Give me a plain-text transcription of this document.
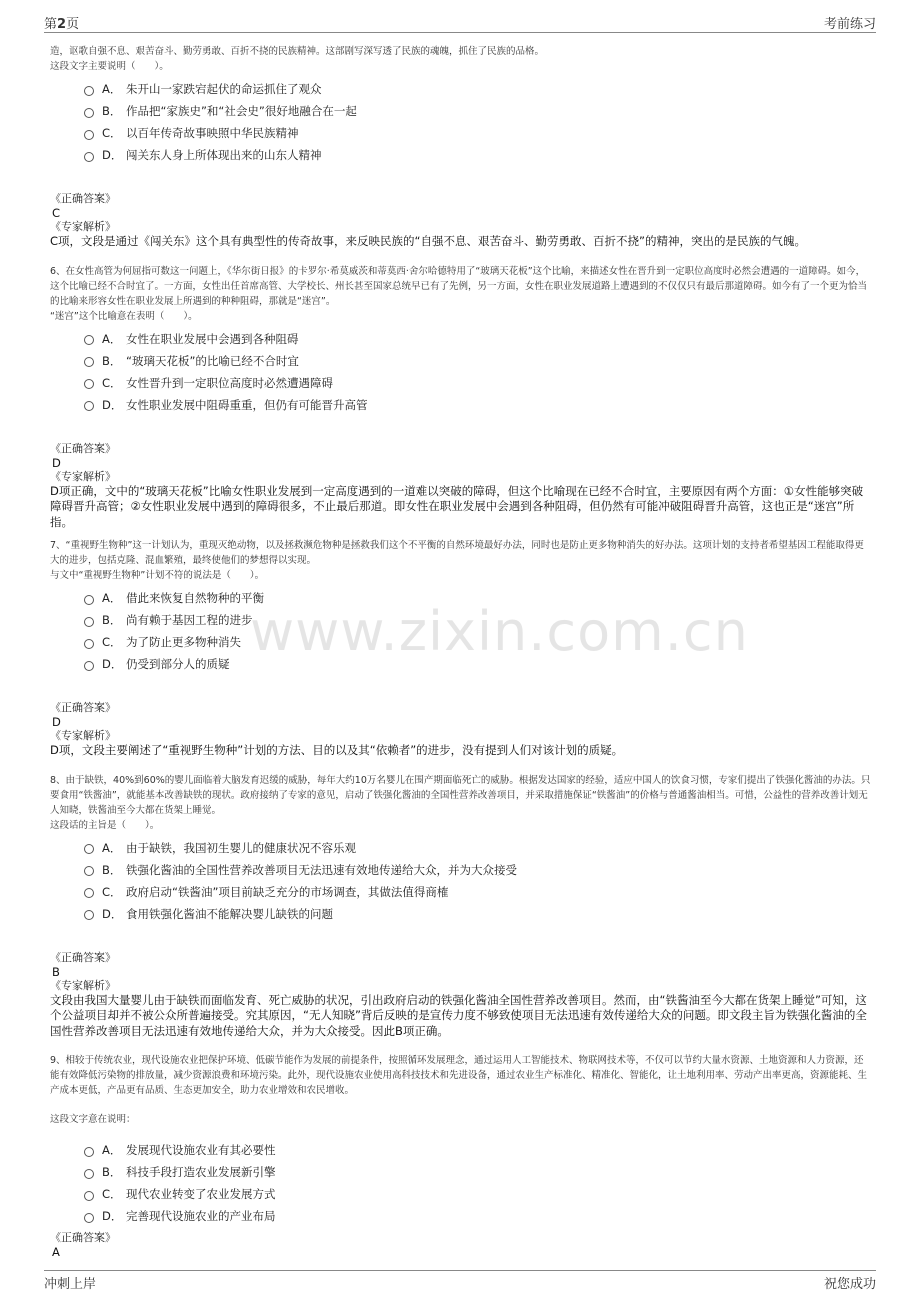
第2页	考前练习
www.zixin.com.cn
造，讴歌自强不息、艰苦奋斗、勤劳勇敢、百折不挠的民族精神。这部剧写深写透了民族的魂魄，抓住了民族的品格。
这段文字主要说明（　　）。
A． 朱开山一家跌宕起伏的命运抓住了观众
B． 作品把“家族史”和“社会史”很好地融合在一起
C． 以百年传奇故事映照中华民族精神
D． 闯关东人身上所体现出来的山东人精神
《正确答案》
C
《专家解析》
C项，文段是通过《闯关东》这个具有典型性的传奇故事，来反映民族的“自强不息、艰苦奋斗、勤劳勇敢、百折不挠”的精神，突出的是民族的气魄。
6、在女性高管为何屈指可数这一问题上，《华尔街日报》的卡罗尔·希莫威茨和蒂莫西·舍尔哈德特用了“玻璃天花板”这个比喻，来描述女性在晋升到一定职位高度时必然会遭遇的一道障碍。如今，这个比喻已经不合时宜了。一方面，女性出任首席高管、大学校长、州长甚至国家总统早已有了先例，另一方面，女性在职业发展道路上遭遇到的不仅仅只有最后那道障碍。如今有了一个更为恰当的比喻来形容女性在职业发展上所遇到的种种阻碍，那就是“迷宫”。
“迷宫”这个比喻意在表明（　　）。
A． 女性在职业发展中会遇到各种阻碍
B． “玻璃天花板”的比喻已经不合时宜
C． 女性晋升到一定职位高度时必然遭遇障碍
D． 女性职业发展中阻碍重重，但仍有可能晋升高管
《正确答案》
D
《专家解析》
D项正确，文中的“玻璃天花板”比喻女性职业发展到一定高度遇到的一道难以突破的障碍，但这个比喻现在已经不合时宜，主要原因有两个方面：①女性能够突破障碍晋升高管；②女性职业发展中遇到的障碍很多，不止最后那道。即女性在职业发展中会遇到各种阻碍，但仍然有可能冲破阻碍晋升高管，这也正是“迷宫”所指。
7、“重视野生物种”这一计划认为，重现灭绝动物，以及拯救濒危物种是拯救我们这个不平衡的自然环境最好办法，同时也是防止更多物种消失的好办法。这项计划的支持者希望基因工程能取得更大的进步，包括克隆、混血繁殖，最终使他们的梦想得以实现。
与文中“重视野生物种”计划不符的说法是（　　）。
A． 借此来恢复自然物种的平衡
B． 尚有赖于基因工程的进步
C． 为了防止更多物种消失
D． 仍受到部分人的质疑
《正确答案》
D
《专家解析》
D项，文段主要阐述了“重视野生物种”计划的方法、目的以及其“依赖者”的进步，没有提到人们对该计划的质疑。
8、由于缺铁，40%到60%的婴儿面临着大脑发育迟缓的威胁，每年大约10万名婴儿在围产期面临死亡的威胁。根据发达国家的经验，适应中国人的饮食习惯，专家们提出了铁强化酱油的办法。只要食用“铁酱油”，就能基本改善缺铁的现状。政府接纳了专家的意见，启动了铁强化酱油的全国性营养改善项目，并采取措施保证“铁酱油”的价格与普通酱油相当。可惜，公益性的营养改善计划无人知晓，铁酱油至今大都在货架上睡觉。
这段话的主旨是（　　）。
A． 由于缺铁，我国初生婴儿的健康状况不容乐观
B． 铁强化酱油的全国性营养改善项目无法迅速有效地传递给大众，并为大众接受
C． 政府启动“铁酱油”项目前缺乏充分的市场调查，其做法值得商榷
D． 食用铁强化酱油不能解决婴儿缺铁的问题
《正确答案》
B
《专家解析》
文段由我国大量婴儿由于缺铁而面临发育、死亡威胁的状况，引出政府启动的铁强化酱油全国性营养改善项目。然而，由“铁酱油至今大都在货架上睡觉”可知，这个公益项目却并不被公众所普遍接受。究其原因，“无人知晓”背后反映的是宣传力度不够致使项目无法迅速有效传递给大众的问题。即文段主旨为铁强化酱油的全国性营养改善项目无法迅速有效地传递给大众，并为大众接受。因此B项正确。
9、相较于传统农业，现代设施农业把保护环境、低碳节能作为发展的前提条件，按照循环发展理念，通过运用人工智能技术、物联网技术等，不仅可以节约大量水资源、土地资源和人力资源，还能有效降低污染物的排放量，减少资源浪费和环境污染。此外，现代设施农业使用高科技技术和先进设备，通过农业生产标准化、精准化、智能化，让土地利用率、劳动产出率更高，资源能耗、生产成本更低，产品更有品质、生态更加安全，助力农业增效和农民增收。
这段文字意在说明：
A． 发展现代设施农业有其必要性
B． 科技手段打造农业发展新引擎
C． 现代农业转变了农业发展方式
D． 完善现代设施农业的产业布局
《正确答案》
A
冲刺上岸	祝您成功
